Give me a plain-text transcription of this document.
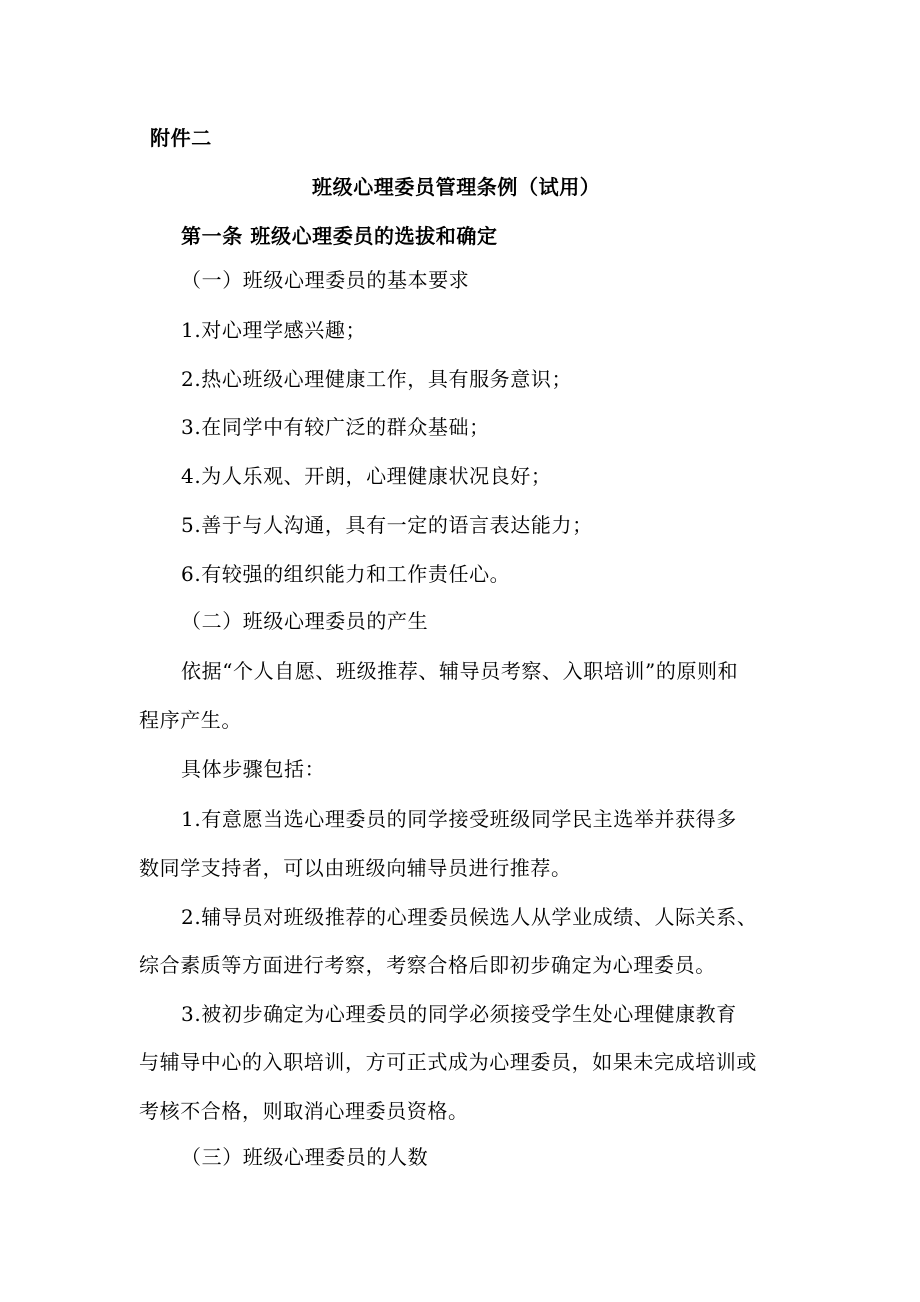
附件二
班级心理委员管理条例（试用）
第一条 班级心理委员的选拔和确定
（一）班级心理委员的基本要求
1.对心理学感兴趣；
2.热心班级心理健康工作，具有服务意识；
3.在同学中有较广泛的群众基础；
4.为人乐观、开朗，心理健康状况良好；
5.善于与人沟通，具有一定的语言表达能力；
6.有较强的组织能力和工作责任心。
（二）班级心理委员的产生
依据“个人自愿、班级推荐、辅导员考察、入职培训”的原则和
程序产生。
具体步骤包括：
1.有意愿当选心理委员的同学接受班级同学民主选举并获得多
数同学支持者，可以由班级向辅导员进行推荐。
2.辅导员对班级推荐的心理委员候选人从学业成绩、人际关系、
综合素质等方面进行考察，考察合格后即初步确定为心理委员。
3.被初步确定为心理委员的同学必须接受学生处心理健康教育
与辅导中心的入职培训，方可正式成为心理委员，如果未完成培训或
考核不合格，则取消心理委员资格。
（三）班级心理委员的人数
